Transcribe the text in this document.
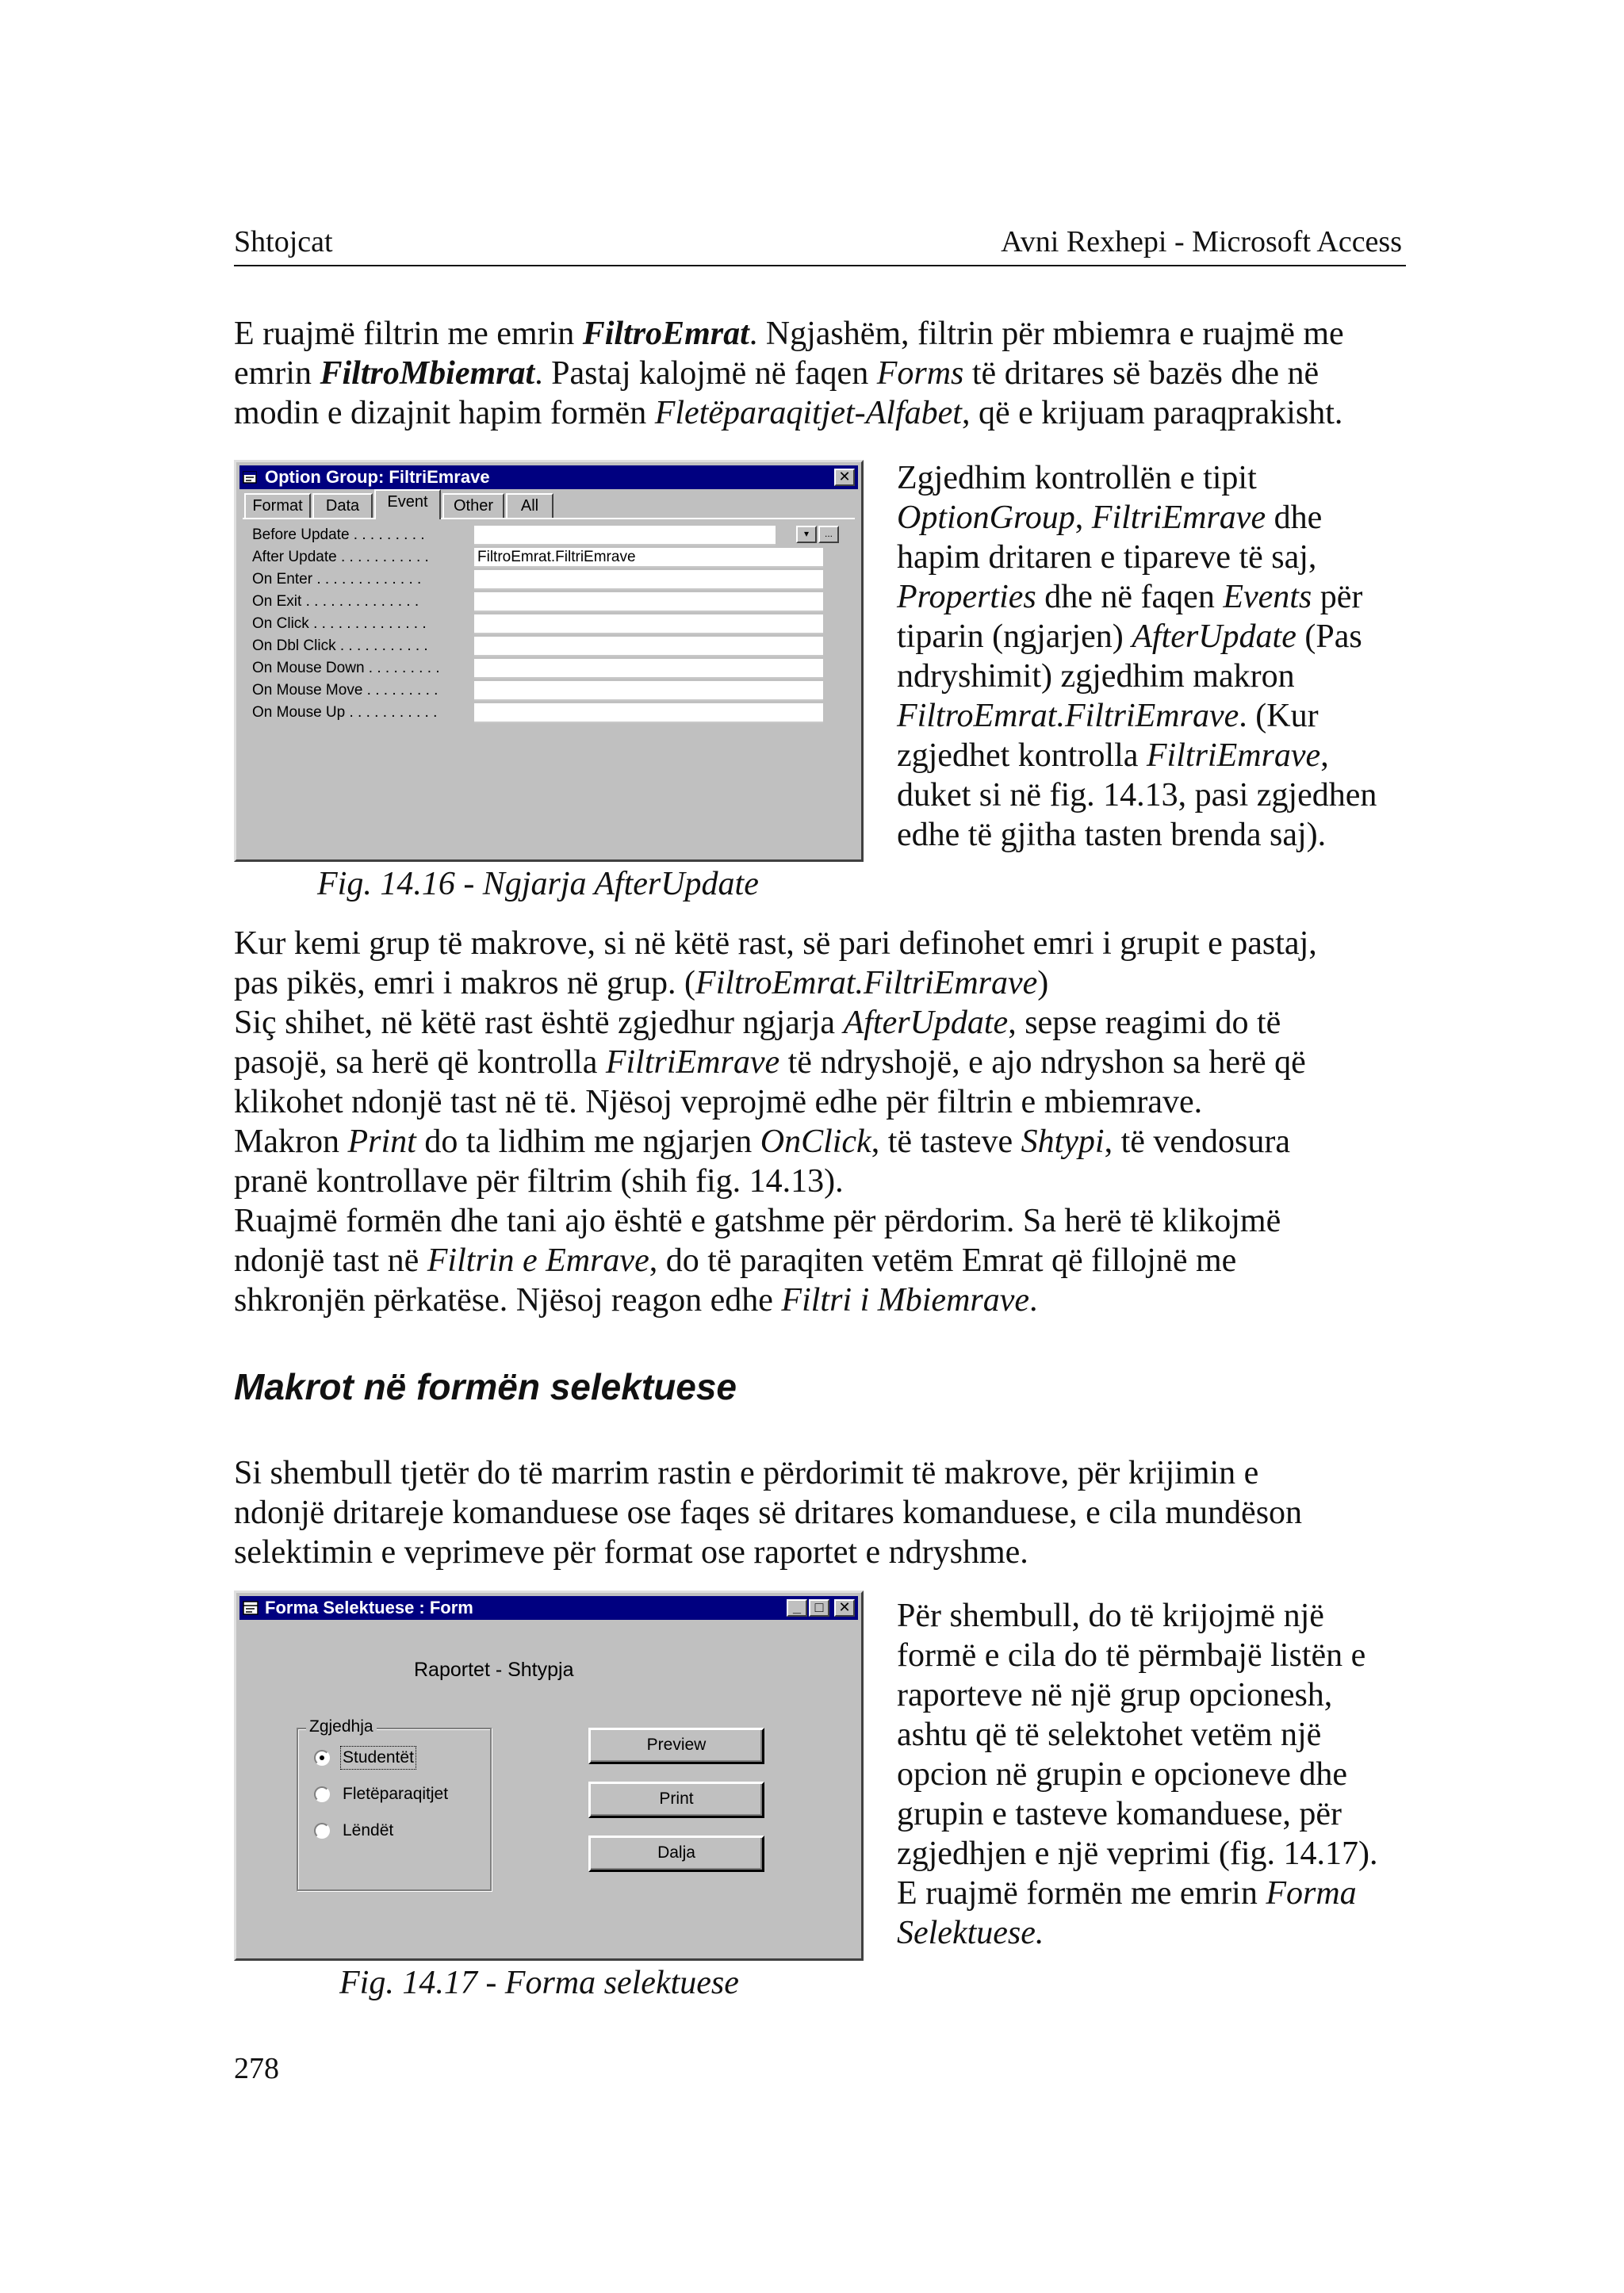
Shtojcat	Avni Rexhepi - Microsoft Access
E ruajmë filtrin me emrin FiltroEmrat. Ngjashëm, filtrin për mbiemra e ruajmë me
emrin FiltroMbiemrat. Pastaj kalojmë në faqen Forms të dritares së bazës dhe në
modin e dizajnit hapim formën Fletëparaqitjet-Alfabet, që e krijuam paraqprakisht.
Option Group: FiltriEmrave	✕
Format	Data	Event	Other	All
Before Update . . . . . . . . .	▾	...
After Update . . . . . . . . . . .	FiltroEmrat.FiltriEmrave
On Enter . . . . . . . . . . . . .
On Exit . . . . . . . . . . . . . .
On Click . . . . . . . . . . . . . .
On Dbl Click . . . . . . . . . . .
On Mouse Down . . . . . . . . .
On Mouse Move . . . . . . . . .
On Mouse Up . . . . . . . . . . .
Fig. 14.16 - Ngjarja AfterUpdate
Zgjedhim kontrollën e tipit
OptionGroup, FiltriEmrave dhe
hapim dritaren e tipareve të saj,
Properties dhe në faqen Events për
tiparin (ngjarjen) AfterUpdate (Pas
ndryshimit) zgjedhim makron
FiltroEmrat.FiltriEmrave. (Kur
zgjedhet kontrolla FiltriEmrave,
duket si në fig. 14.13, pasi zgjedhen
edhe të gjitha tasten brenda saj).
Kur kemi grup të makrove, si në këtë rast, së pari definohet emri i grupit e pastaj,
pas pikës, emri i makros në grup. (FiltroEmrat.FiltriEmrave)
Siç shihet, në këtë rast është zgjedhur ngjarja AfterUpdate, sepse reagimi do të
pasojë, sa herë që kontrolla FiltriEmrave të ndryshojë, e ajo ndryshon sa herë që
klikohet ndonjë tast në të. Njësoj veprojmë edhe për filtrin e mbiemrave.
Makron Print do ta lidhim me ngjarjen OnClick, të tasteve Shtypi, të vendosura
pranë kontrollave për filtrim (shih fig. 14.13).
Ruajmë formën dhe tani ajo është e gatshme për përdorim. Sa herë të klikojmë
ndonjë tast në Filtrin e Emrave, do të paraqiten vetëm Emrat që fillojnë me
shkronjën përkatëse. Njësoj reagon edhe Filtri i Mbiemrave.
Makrot në formën selektuese
Si shembull tjetër do të marrim rastin e përdorimit të makrove, për krijimin e
ndonjë dritareje komanduese ose faqes së dritares komanduese, e cila mundëson
selektimin e veprimeve për format ose raportet e ndryshme.
Forma Selektuese : Form	_ □	✕
Raportet - Shtypja
Zgjedhja
Studentët
Fletëparaqitjet
Lëndët
Preview
Print
Dalja
Fig. 14.17 - Forma selektuese
Për shembull, do të krijojmë një
formë e cila do të përmbajë listën e
raporteve në një grup opcionesh,
ashtu që të selektohet vetëm një
opcion në grupin e opcioneve dhe
grupin e tasteve komanduese, për
zgjedhjen e një veprimi (fig. 14.17).
E ruajmë formën me emrin Forma
Selektuese.
278
